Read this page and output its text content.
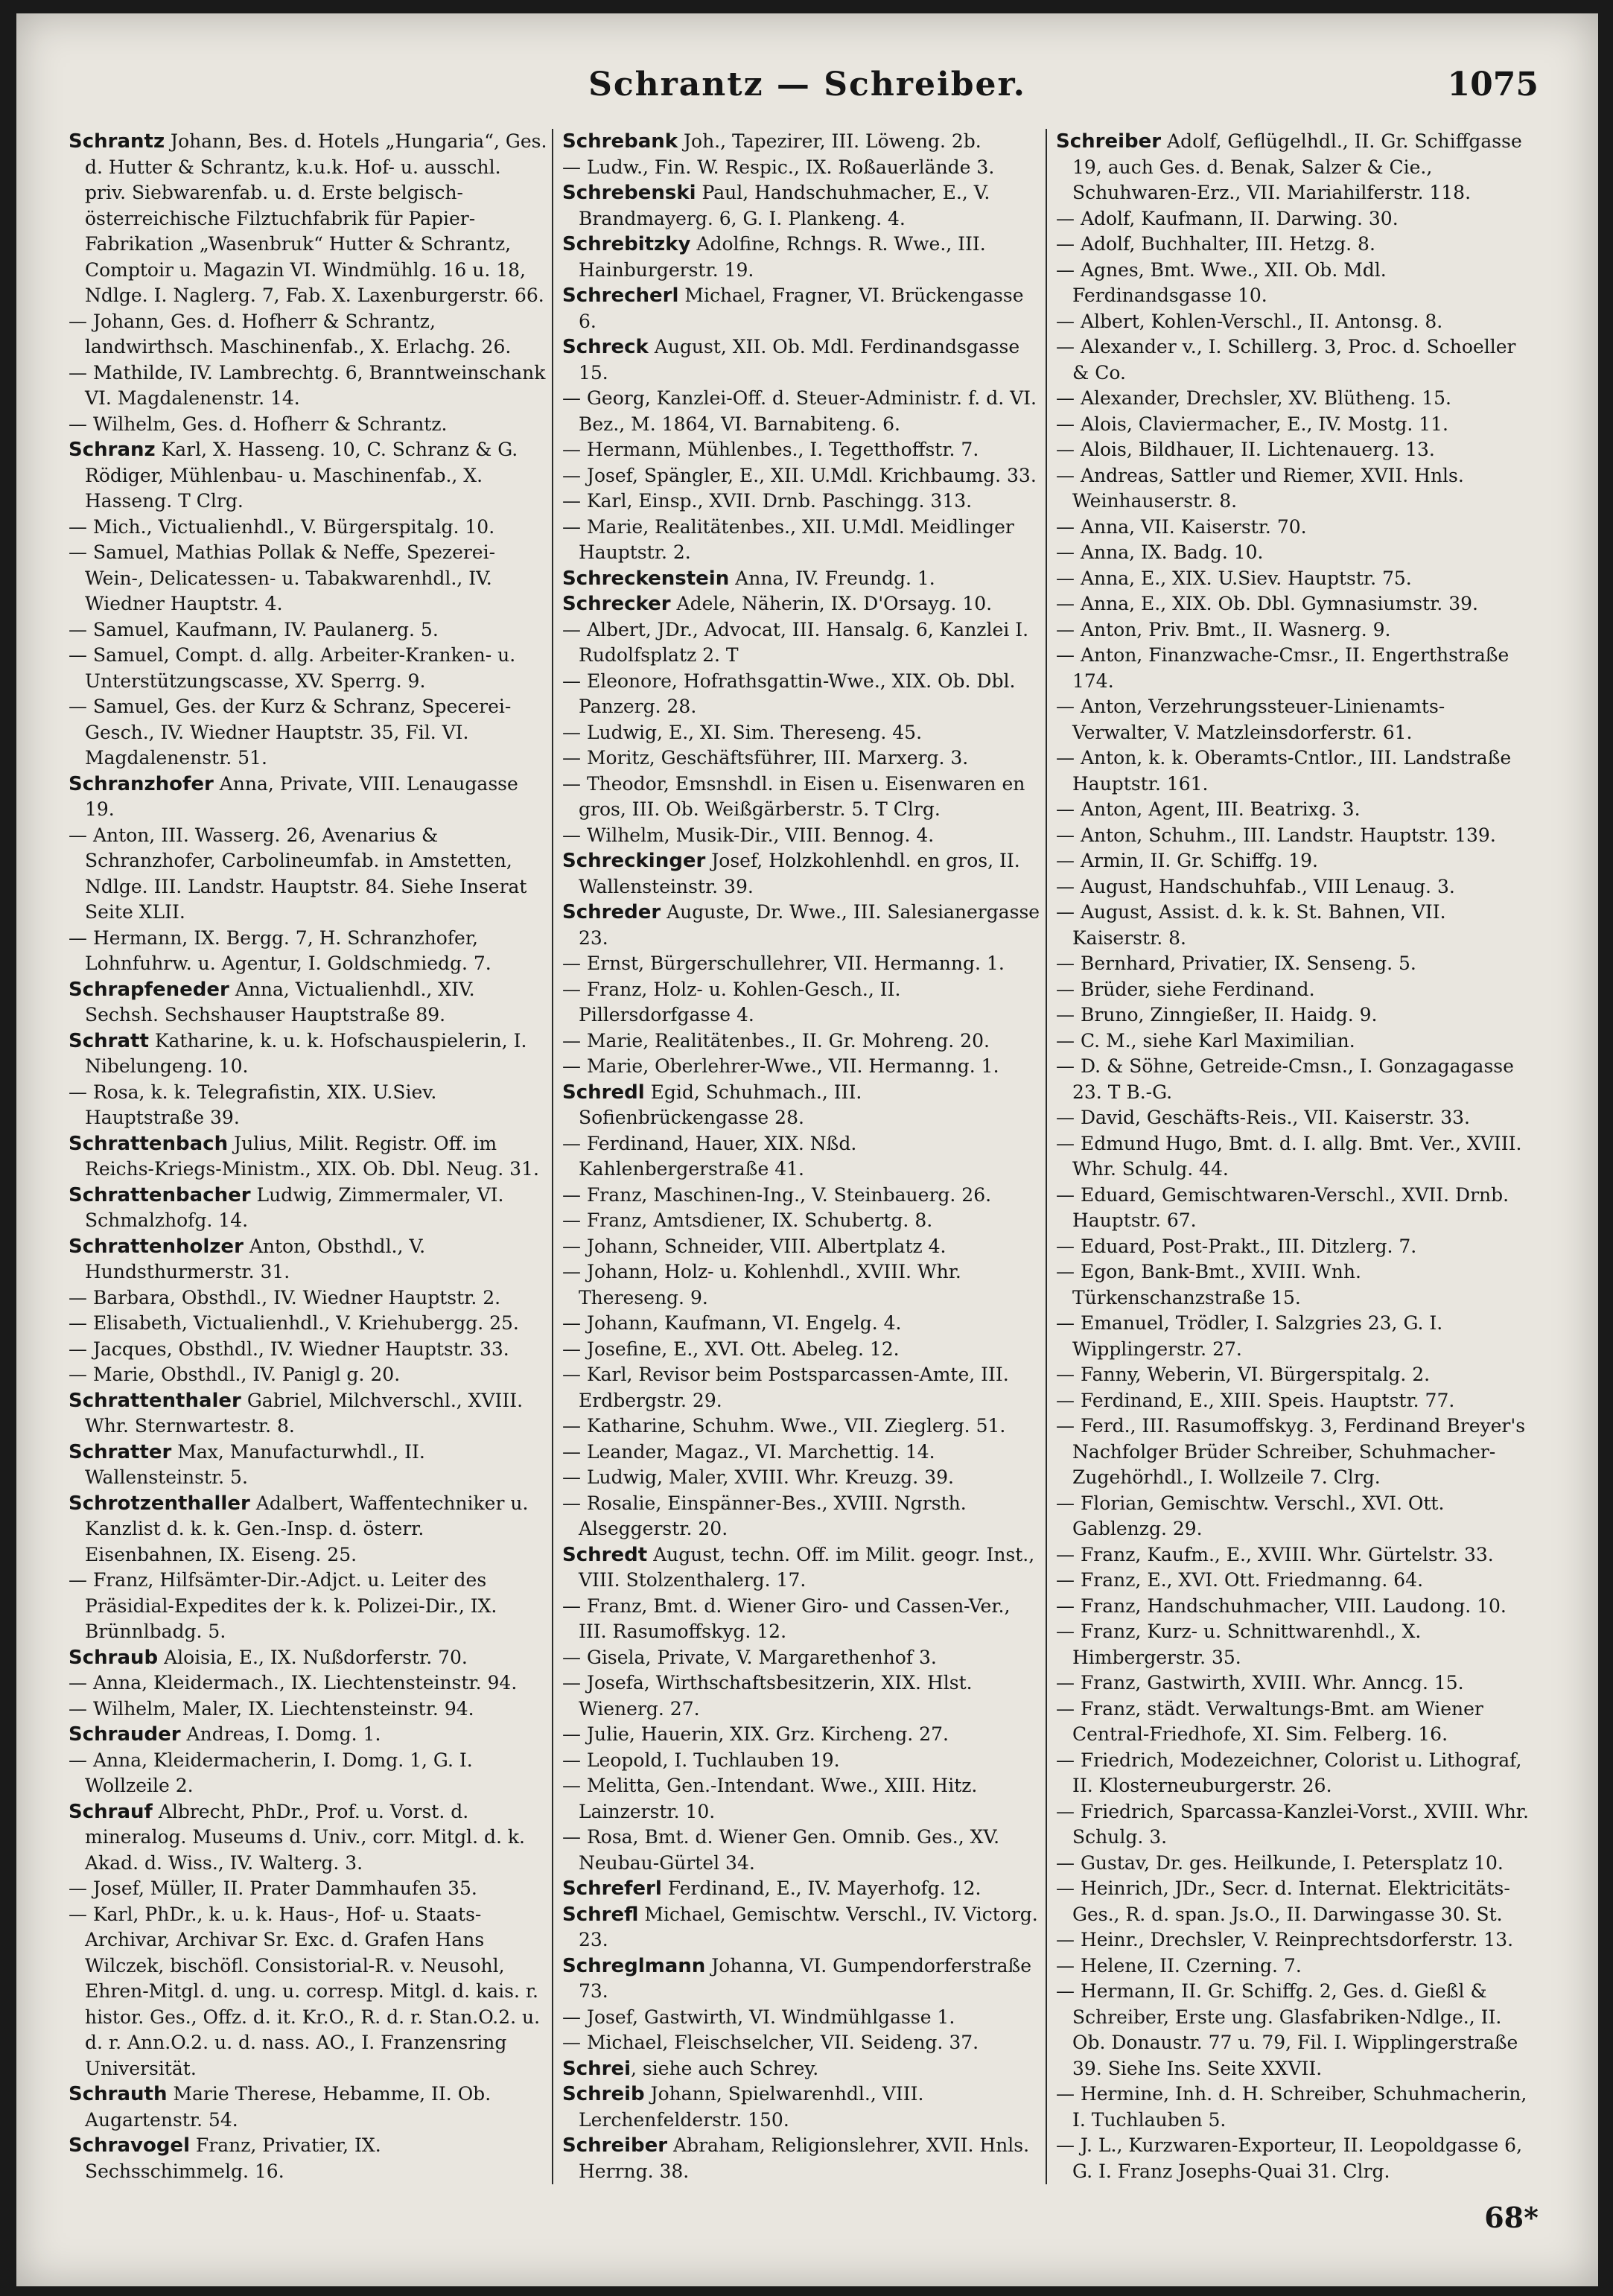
Schrantz — Schreiber.	1075

Schrantz Johann, Bes. d. Hotels „Hungaria“, Ges. d. Hutter & Schrantz, k.u.k. Hof- u. ausschl. priv. Siebwarenfab. u. d. Erste belgisch-österreichische Filztuchfabrik für Papier-Fabrikation „Wasenbruk“ Hutter & Schrantz, Comptoir u. Magazin VI. Windmühlg. 16 u. 18, Ndlge. I. Naglerg. 7, Fab. X. Laxenburgerstr. 66.

— Johann, Ges. d. Hofherr & Schrantz, landwirthsch. Maschinenfab., X. Erlachg. 26.

— Mathilde, IV. Lambrechtg. 6, Branntweinschank VI. Magdalenenstr. 14.

— Wilhelm, Ges. d. Hofherr & Schrantz.

Schranz Karl, X. Hasseng. 10, C. Schranz & G. Rödiger, Mühlenbau- u. Maschinenfab., X. Hasseng. T Clrg.

— Mich., Victualienhdl., V. Bürgerspitalg. 10.

— Samuel, Mathias Pollak & Neffe, Spezerei-Wein-, Delicatessen- u. Tabakwarenhdl., IV. Wiedner Hauptstr. 4.

— Samuel, Kaufmann, IV. Paulanerg. 5.

— Samuel, Compt. d. allg. Arbeiter-Kranken- u. Unterstützungscasse, XV. Sperrg. 9.

— Samuel, Ges. der Kurz & Schranz, Specerei-Gesch., IV. Wiedner Hauptstr. 35, Fil. VI. Magdalenenstr. 51.

Schranzhofer Anna, Private, VIII. Lenaugasse 19.

— Anton, III. Wasserg. 26, Avenarius & Schranzhofer, Carbolineumfab. in Amstetten, Ndlge. III. Landstr. Hauptstr. 84. Siehe Inserat Seite XLII.

— Hermann, IX. Bergg. 7, H. Schranzhofer, Lohnfuhrw. u. Agentur, I. Goldschmiedg. 7.

Schrapfeneder Anna, Victualienhdl., XIV. Sechsh. Sechshauser Hauptstraße 89.

Schratt Katharine, k. u. k. Hofschauspielerin, I. Nibelungeng. 10.

— Rosa, k. k. Telegrafistin, XIX. U.Siev. Hauptstraße 39.

Schrattenbach Julius, Milit. Registr. Off. im Reichs-Kriegs-Ministm., XIX. Ob. Dbl. Neug. 31.

Schrattenbacher Ludwig, Zimmermaler, VI. Schmalzhofg. 14.

Schrattenholzer Anton, Obsthdl., V. Hundsthurmerstr. 31.

— Barbara, Obsthdl., IV. Wiedner Hauptstr. 2.

— Elisabeth, Victualienhdl., V. Kriehubergg. 25.

— Jacques, Obsthdl., IV. Wiedner Hauptstr. 33.

— Marie, Obsthdl., IV. Panigl g. 20.

Schrattenthaler Gabriel, Milchverschl., XVIII. Whr. Sternwartestr. 8.

Schratter Max, Manufacturwhdl., II. Wallensteinstr. 5.

Schrotzenthaller Adalbert, Waffentechniker u. Kanzlist d. k. k. Gen.-Insp. d. österr. Eisenbahnen, IX. Eiseng. 25.

— Franz, Hilfsämter-Dir.-Adjct. u. Leiter des Präsidial-Expedites der k. k. Polizei-Dir., IX. Brünnlbadg. 5.

Schraub Aloisia, E., IX. Nußdorferstr. 70.

— Anna, Kleidermach., IX. Liechtensteinstr. 94.

— Wilhelm, Maler, IX. Liechtensteinstr. 94.

Schrauder Andreas, I. Domg. 1.

— Anna, Kleidermacherin, I. Domg. 1, G. I. Wollzeile 2.

Schrauf Albrecht, PhDr., Prof. u. Vorst. d. mineralog. Museums d. Univ., corr. Mitgl. d. k. Akad. d. Wiss., IV. Walterg. 3.

— Josef, Müller, II. Prater Dammhaufen 35.

— Karl, PhDr., k. u. k. Haus-, Hof- u. Staats-Archivar, Archivar Sr. Exc. d. Grafen Hans Wilczek, bischöfl. Consistorial-R. v. Neusohl, Ehren-Mitgl. d. ung. u. corresp. Mitgl. d. kais. r. histor. Ges., Offz. d. it. Kr.O., R. d. r. Stan.O.2. u. d. r. Ann.O.2. u. d. nass. AO., I. Franzensring Universität.

Schrauth Marie Therese, Hebamme, II. Ob. Augartenstr. 54.

Schravogel Franz, Privatier, IX. Sechsschimmelg. 16.

Schrebank Joh., Tapezirer, III. Löweng. 2b.

— Ludw., Fin. W. Respic., IX. Roßauerlände 3.

Schrebenski Paul, Handschuhmacher, E., V. Brandmayerg. 6, G. I. Plankeng. 4.

Schrebitzky Adolfine, Rchngs. R. Wwe., III. Hainburgerstr. 19.

Schrecherl Michael, Fragner, VI. Brückengasse 6.

Schreck August, XII. Ob. Mdl. Ferdinandsgasse 15.

— Georg, Kanzlei-Off. d. Steuer-Administr. f. d. VI. Bez., M. 1864, VI. Barnabiteng. 6.

— Hermann, Mühlenbes., I. Tegetthoffstr. 7.

— Josef, Spängler, E., XII. U.Mdl. Krichbaumg. 33.

— Karl, Einsp., XVII. Drnb. Paschingg. 313.

— Marie, Realitätenbes., XII. U.Mdl. Meidlinger Hauptstr. 2.

Schreckenstein Anna, IV. Freundg. 1.

Schrecker Adele, Näherin, IX. D'Orsayg. 10.

— Albert, JDr., Advocat, III. Hansalg. 6, Kanzlei I. Rudolfsplatz 2. T

— Eleonore, Hofrathsgattin-Wwe., XIX. Ob. Dbl. Panzerg. 28.

— Ludwig, E., XI. Sim. Thereseng. 45.

— Moritz, Geschäftsführer, III. Marxerg. 3.

— Theodor, Emsnshdl. in Eisen u. Eisenwaren en gros, III. Ob. Weißgärberstr. 5. T Clrg.

— Wilhelm, Musik-Dir., VIII. Bennog. 4.

Schreckinger Josef, Holzkohlenhdl. en gros, II. Wallensteinstr. 39.

Schreder Auguste, Dr. Wwe., III. Salesianergasse 23.

— Ernst, Bürgerschullehrer, VII. Hermanng. 1.

— Franz, Holz- u. Kohlen-Gesch., II. Pillersdorfgasse 4.

— Marie, Realitätenbes., II. Gr. Mohreng. 20.

— Marie, Oberlehrer-Wwe., VII. Hermanng. 1.

Schredl Egid, Schuhmach., III. Sofienbrückengasse 28.

— Ferdinand, Hauer, XIX. Nßd. Kahlenbergerstraße 41.

— Franz, Maschinen-Ing., V. Steinbauerg. 26.

— Franz, Amtsdiener, IX. Schubertg. 8.

— Johann, Schneider, VIII. Albertplatz 4.

— Johann, Holz- u. Kohlenhdl., XVIII. Whr. Thereseng. 9.

— Johann, Kaufmann, VI. Engelg. 4.

— Josefine, E., XVI. Ott. Abeleg. 12.

— Karl, Revisor beim Postsparcassen-Amte, III. Erdbergstr. 29.

— Katharine, Schuhm. Wwe., VII. Zieglerg. 51.

— Leander, Magaz., VI. Marchettig. 14.

— Ludwig, Maler, XVIII. Whr. Kreuzg. 39.

— Rosalie, Einspänner-Bes., XVIII. Ngrsth. Alseggerstr. 20.

Schredt August, techn. Off. im Milit. geogr. Inst., VIII. Stolzenthalerg. 17.

— Franz, Bmt. d. Wiener Giro- und Cassen-Ver., III. Rasumoffskyg. 12.

— Gisela, Private, V. Margarethenhof 3.

— Josefa, Wirthschaftsbesitzerin, XIX. Hlst. Wienerg. 27.

— Julie, Hauerin, XIX. Grz. Kircheng. 27.

— Leopold, I. Tuchlauben 19.

— Melitta, Gen.-Intendant. Wwe., XIII. Hitz. Lainzerstr. 10.

— Rosa, Bmt. d. Wiener Gen. Omnib. Ges., XV. Neubau-Gürtel 34.

Schreferl Ferdinand, E., IV. Mayerhofg. 12.

Schrefl Michael, Gemischtw. Verschl., IV. Victorg. 23.

Schreglmann Johanna, VI. Gumpendorferstraße 73.

— Josef, Gastwirth, VI. Windmühlgasse 1.

— Michael, Fleischselcher, VII. Seideng. 37.

Schrei, siehe auch Schrey.

Schreib Johann, Spielwarenhdl., VIII. Lerchenfelderstr. 150.

Schreiber Abraham, Religionslehrer, XVII. Hnls. Herrng. 38.

Schreiber Adolf, Geflügelhdl., II. Gr. Schiffgasse 19, auch Ges. d. Benak, Salzer & Cie., Schuhwaren-Erz., VII. Mariahilferstr. 118.

— Adolf, Kaufmann, II. Darwing. 30.

— Adolf, Buchhalter, III. Hetzg. 8.

— Agnes, Bmt. Wwe., XII. Ob. Mdl. Ferdinandsgasse 10.

— Albert, Kohlen-Verschl., II. Antonsg. 8.

— Alexander v., I. Schillerg. 3, Proc. d. Schoeller & Co.

— Alexander, Drechsler, XV. Blütheng. 15.

— Alois, Claviermacher, E., IV. Mostg. 11.

— Alois, Bildhauer, II. Lichtenauerg. 13.

— Andreas, Sattler und Riemer, XVII. Hnls. Weinhauserstr. 8.

— Anna, VII. Kaiserstr. 70.

— Anna, IX. Badg. 10.

— Anna, E., XIX. U.Siev. Hauptstr. 75.

— Anna, E., XIX. Ob. Dbl. Gymnasiumstr. 39.

— Anton, Priv. Bmt., II. Wasnerg. 9.

— Anton, Finanzwache-Cmsr., II. Engerthstraße 174.

— Anton, Verzehrungssteuer-Linienamts-Verwalter, V. Matzleinsdorferstr. 61.

— Anton, k. k. Oberamts-Cntlor., III. Landstraße Hauptstr. 161.

— Anton, Agent, III. Beatrixg. 3.

— Anton, Schuhm., III. Landstr. Hauptstr. 139.

— Armin, II. Gr. Schiffg. 19.

— August, Handschuhfab., VIII Lenaug. 3.

— August, Assist. d. k. k. St. Bahnen, VII. Kaiserstr. 8.

— Bernhard, Privatier, IX. Senseng. 5.

— Brüder, siehe Ferdinand.

— Bruno, Zinngießer, II. Haidg. 9.

— C. M., siehe Karl Maximilian.

— D. & Söhne, Getreide-Cmsn., I. Gonzagagasse 23. T B.-G.

— David, Geschäfts-Reis., VII. Kaiserstr. 33.

— Edmund Hugo, Bmt. d. I. allg. Bmt. Ver., XVIII. Whr. Schulg. 44.

— Eduard, Gemischtwaren-Verschl., XVII. Drnb. Hauptstr. 67.

— Eduard, Post-Prakt., III. Ditzlerg. 7.

— Egon, Bank-Bmt., XVIII. Wnh. Türkenschanzstraße 15.

— Emanuel, Trödler, I. Salzgries 23, G. I. Wipplingerstr. 27.

— Fanny, Weberin, VI. Bürgerspitalg. 2.

— Ferdinand, E., XIII. Speis. Hauptstr. 77.

— Ferd., III. Rasumoffskyg. 3, Ferdinand Breyer's Nachfolger Brüder Schreiber, Schuhmacher-Zugehörhdl., I. Wollzeile 7. Clrg.

— Florian, Gemischtw. Verschl., XVI. Ott. Gablenzg. 29.

— Franz, Kaufm., E., XVIII. Whr. Gürtelstr. 33.

— Franz, E., XVI. Ott. Friedmanng. 64.

— Franz, Handschuhmacher, VIII. Laudong. 10.

— Franz, Kurz- u. Schnittwarenhdl., X. Himbergerstr. 35.

— Franz, Gastwirth, XVIII. Whr. Anncg. 15.

— Franz, städt. Verwaltungs-Bmt. am Wiener Central-Friedhofe, XI. Sim. Felberg. 16.

— Friedrich, Modezeichner, Colorist u. Lithograf, II. Klosterneuburgerstr. 26.

— Friedrich, Sparcassa-Kanzlei-Vorst., XVIII. Whr. Schulg. 3.

— Gustav, Dr. ges. Heilkunde, I. Petersplatz 10.

— Heinrich, JDr., Secr. d. Internat. Elektricitäts-Ges., R. d. span. Js.O., II. Darwingasse 30. St.

— Heinr., Drechsler, V. Reinprechtsdorferstr. 13.

— Helene, II. Czerning. 7.

— Hermann, II. Gr. Schiffg. 2, Ges. d. Gießl & Schreiber, Erste ung. Glasfabriken-Ndlge., II. Ob. Donaustr. 77 u. 79, Fil. I. Wipplingerstraße 39. Siehe Ins. Seite XXVII.

— Hermine, Inh. d. H. Schreiber, Schuhmacherin, I. Tuchlauben 5.

— J. L., Kurzwaren-Exporteur, II. Leopoldgasse 6, G. I. Franz Josephs-Quai 31. Clrg.

68*
